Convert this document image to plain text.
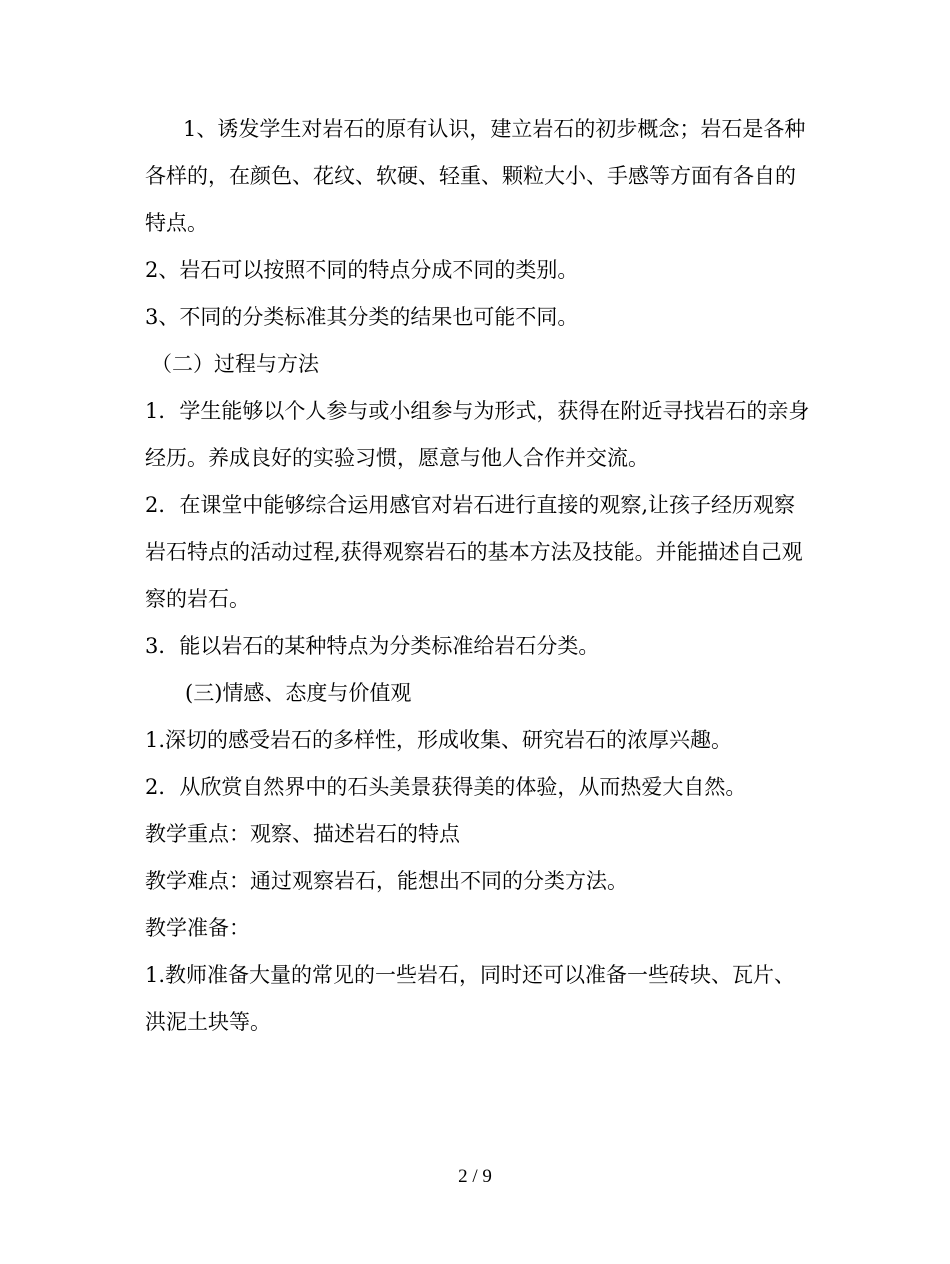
1、诱发学生对岩石的原有认识，建立岩石的初步概念；岩石是各种各样的，在颜色、花纹、软硬、轻重、颗粒大小、手感等方面有各自的特点。

2、岩石可以按照不同的特点分成不同的类别。

3、不同的分类标准其分类的结果也可能不同。

（二）过程与方法

1．学生能够以个人参与或小组参与为形式，获得在附近寻找岩石的亲身经历。养成良好的实验习惯，愿意与他人合作并交流。

2．在课堂中能够综合运用感官对岩石进行直接的观察,让孩子经历观察岩石特点的活动过程,获得观察岩石的基本方法及技能。并能描述自己观察的岩石。

3．能以岩石的某种特点为分类标准给岩石分类。

(三)情感、态度与价值观

1.深切的感受岩石的多样性，形成收集、研究岩石的浓厚兴趣。

2．从欣赏自然界中的石头美景获得美的体验，从而热爱大自然。

教学重点：观察、描述岩石的特点

教学难点：通过观察岩石，能想出不同的分类方法。

教学准备：

1.教师准备大量的常见的一些岩石，同时还可以准备一些砖块、瓦片、洪泥土块等。

2 / 9
